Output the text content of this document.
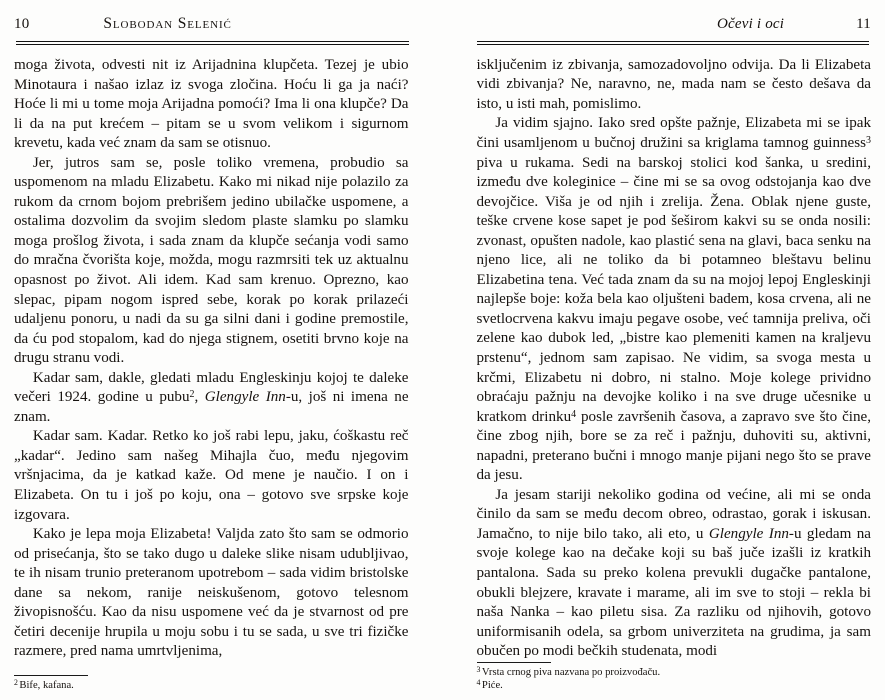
10	Slobodan Selenić

moga života, odvesti nit iz Arijadnina klupčeta. Tezej je ubio Minotaura i našao izlaz iz svoga zločina. Hoću li ga ja naći? Hoće li mi u tome moja Arijadna pomoći? Ima li ona klupče? Da li da na put krećem – pitam se u svom velikom i sigurnom krevetu, kada već znam da sam se otisnuo.

Jer, jutros sam se, posle toliko vremena, probudio sa uspomenom na mladu Elizabetu. Kako mi nikad nije polazilo za rukom da crnom bojom prebrišem jedino ubilačke uspomene, a ostalima dozvolim da svojim sledom plaste slamku po slamku moga prošlog života, i sada znam da klupče sećanja vodi samo do mračna čvorišta koje, možda, mogu razmrsiti tek uz aktualnu opasnost po život. Ali idem. Kad sam krenuo. Oprezno, kao slepac, pipam nogom ispred sebe, korak po korak prilazeći udaljenu ponoru, u nadi da su ga silni dani i godine premostile, da ću pod stopalom, kad do njega stignem, osetiti brvno koje na drugu stranu vodi.

Kadar sam, dakle, gledati mladu Engleskinju kojoj te daleke večeri 1924. godine u pubu$^2$, Glengyle Inn-u, još ni imena ne znam.

Kadar sam. Kadar. Retko ko još rabi lepu, jaku, ćoškastu reč „kadar“. Jedino sam našeg Mihajla čuo, među njegovim vršnjacima, da je katkad kaže. Od mene je naučio. I on i Elizabeta. On tu i još po koju, ona – gotovo sve srpske koje izgovara.

Kako je lepa moja Elizabeta! Valjda zato što sam se odmorio od prisećanja, što se tako dugo u daleke slike nisam udubljivao, te ih nisam trunio preteranom upotrebom – sada vidim bristolske dane sa nekom, ranije neiskušenom, gotovo telesnom živopisnošću. Kao da nisu uspomene već da je stvarnost od pre četiri decenije hrupila u moju sobu i tu se sada, u sve tri fizičke razmere, pred nama umrtvljenima,

$^2$ Bife, kafana.
Očevi i oci	11

isključenim iz zbivanja, samozadovoljno odvija. Da li Elizabeta vidi zbivanja? Ne, naravno, ne, mada nam se često dešava da isto, u isti mah, pomislimo.

Ja vidim sjajno. Iako sred opšte pažnje, Elizabeta mi se ipak čini usamljenom u bučnoj družini sa kriglama tamnog guinness$^3$ piva u rukama. Sedi na barskoj stolici kod šanka, u sredini, između dve koleginice – čine mi se sa ovog odstojanja kao dve devojčice. Viša je od njih i zrelija. Žena. Oblak njene guste, teške crvene kose sapet je pod šeširom kakvi su se onda nosili: zvonast, opušten nadole, kao plastić sena na glavi, baca senku na njeno lice, ali ne toliko da bi potamneo bleštavu belinu Elizabetina tena. Već tada znam da su na mojoj lepoj Engleskinji najlepše boje: koža bela kao oljušteni badem, kosa crvena, ali ne svetlocrvena kakvu imaju pegave osobe, već tamnija preliva, oči zelene kao dubok led, „bistre kao plemeniti kamen na kraljevu prstenu“, jednom sam zapisao. Ne vidim, sa svoga mesta u krčmi, Elizabetu ni dobro, ni stalno. Moje kolege prividno obraćaju pažnju na devojke koliko i na sve druge učesnike u kratkom drinku$^4$ posle završenih časova, a zapravo sve što čine, čine zbog njih, bore se za reč i pažnju, duhoviti su, aktivni, napadni, preterano bučni i mnogo manje pijani nego što se prave da jesu.

Ja jesam stariji nekoliko godina od većine, ali mi se onda činilo da sam se među decom obreo, odrastao, gorak i iskusan. Jamačno, to nije bilo tako, ali eto, u Glengyle Inn-u gledam na svoje kolege kao na dečake koji su baš juče izašli iz kratkih pantalona. Sada su preko kolena prevukli dugačke pantalone, obukli blejzere, kravate i marame, ali im sve to stoji – rekla bi naša Nanka – kao piletu sisa. Za razliku od njihovih, gotovo uniformisanih odela, sa grbom univerziteta na grudima, ja sam obučen po modi bečkih studenata, modi

$^3$ Vrsta crnog piva nazvana po proizvođaču.
$^4$ Piće.
